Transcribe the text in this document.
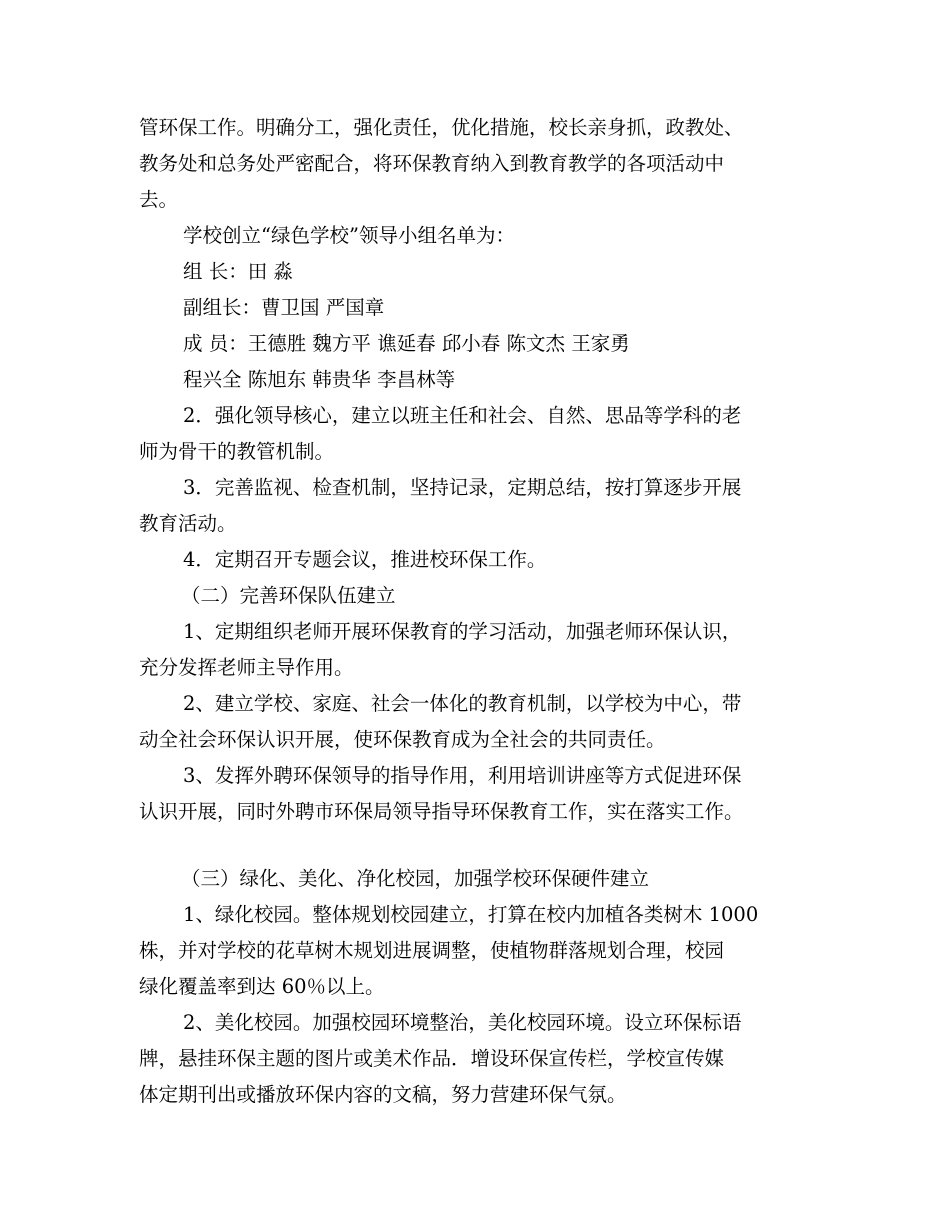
管环保工作。明确分工，强化责任，优化措施，校长亲身抓，政教处、

教务处和总务处严密配合，将环保教育纳入到教育教学的各项活动中

去。

学校创立“绿色学校”领导小组名单为：

组 长：田 淼

副组长：曹卫国 严国章

成 员：王德胜 魏方平 谯延春 邱小春 陈文杰 王家勇

程兴全 陈旭东 韩贵华 李昌林等

2．强化领导核心，建立以班主任和社会、自然、思品等学科的老

师为骨干的教管机制。

3．完善监视、检查机制，坚持记录，定期总结，按打算逐步开展

教育活动。

4．定期召开专题会议，推进校环保工作。

（二）完善环保队伍建立

1、定期组织老师开展环保教育的学习活动，加强老师环保认识，

充分发挥老师主导作用。

2、建立学校、家庭、社会一体化的教育机制，以学校为中心，带

动全社会环保认识开展，使环保教育成为全社会的共同责任。

3、发挥外聘环保领导的指导作用，利用培训讲座等方式促进环保

认识开展，同时外聘市环保局领导指导环保教育工作，实在落实工作。

（三）绿化、美化、净化校园，加强学校环保硬件建立

1、绿化校园。整体规划校园建立，打算在校内加植各类树木 1000

株，并对学校的花草树木规划进展调整，使植物群落规划合理，校园

绿化覆盖率到达 60％以上。

2、美化校园。加强校园环境整治，美化校园环境。设立环保标语

牌，悬挂环保主题的图片或美术作品．增设环保宣传栏，学校宣传媒

体定期刊出或播放环保内容的文稿，努力营建环保气氛。
